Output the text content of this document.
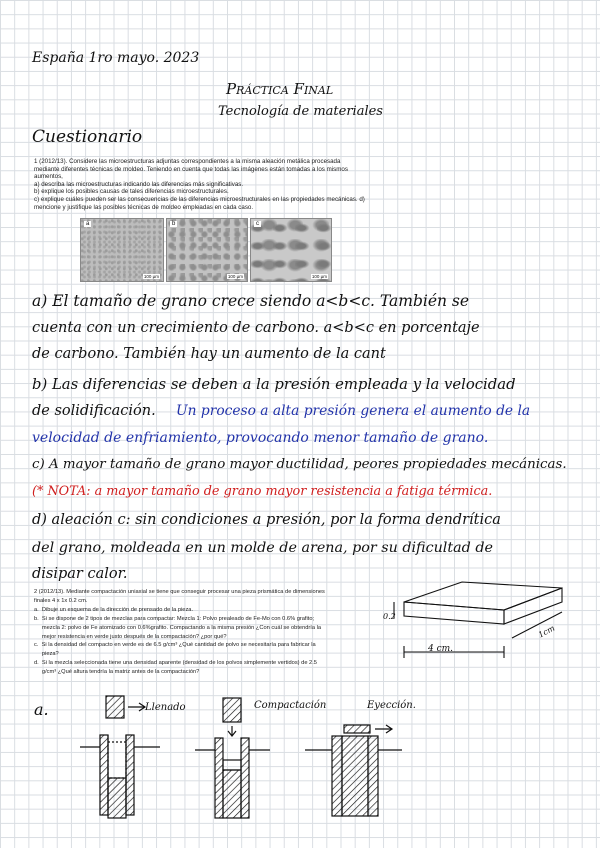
España 1ro mayo. 2023
Práctica Final
Tecnología de materiales
Cuestionario
1 (2012/13). Considere las microestructuras adjuntas correspondientes a la misma aleación metálica procesada
mediante diferentes técnicas de moldeo. Teniendo en cuenta que todas las imágenes están tomadas a los mismos
aumentos,
a) describa las microestructuras indicando las diferencias más significativas.
b) explique los posibles causas de tales diferencias microestructurales.
c) explique cuáles pueden ser las consecuencias de las diferencias microestructurales en las propiedades mecánicas. d)
mencione y justifique las posibles técnicas de moldeo empleadas en cada caso.
a
100 µm
b
100 µm
c
100 µm
a) El tamaño de grano crece siendo a<b<c. También se
cuenta con un crecimiento de carbono. a<b<c en porcentaje
de carbono. También hay un aumento de la cant
b) Las diferencias se deben a la presión empleada y la velocidad
de solidificación. Un proceso a alta presión genera el aumento de la
velocidad de enfriamiento, provocando menor tamaño de grano.
c) A mayor tamaño de grano mayor ductilidad, peores propiedades mecánicas.
(* NOTA: a mayor tamaño de grano mayor resistencia a fatiga térmica.
d) aleación c: sin condiciones a presión, por la forma dendrítica
del grano, moldeada en un molde de arena, por su dificultad de
disipar calor.
2 (2012/13). Mediante compactación uniaxial se tiene que conseguir procesar una pieza prismática de dimensiones
finales 4 x 1x 0.2 cm.
a.  Dibuje un esquema de la dirección de prensado de la pieza.
b.  Si se dispone de 2 tipos de mezclas para compactar: Mezcla 1: Polvo prealeado de Fe-Mo con 0.6% grafito;
mezcla 2: polvo de Fe atomizado con 0.6%grafito. Compactando a la misma presión ¿Con cuál se obtendría la
mejor resistencia en verde justo después de la compactación? ¿por qué?
c.  Si la densidad del compacto en verde es de 6.5 g/cm³ ¿Qué cantidad de polvo se necesitaría para fabricar la
pieza?
d.  Si la mezcla seleccionada tiene una densidad aparente (densidad de los polvos simplemente vertidos) de 2.5
g/cm³ ¿Qué altura tendría la matriz antes de la compactación?
0.2
4 cm.
1cm
a.	Llenado	Compactación	Eyección.
